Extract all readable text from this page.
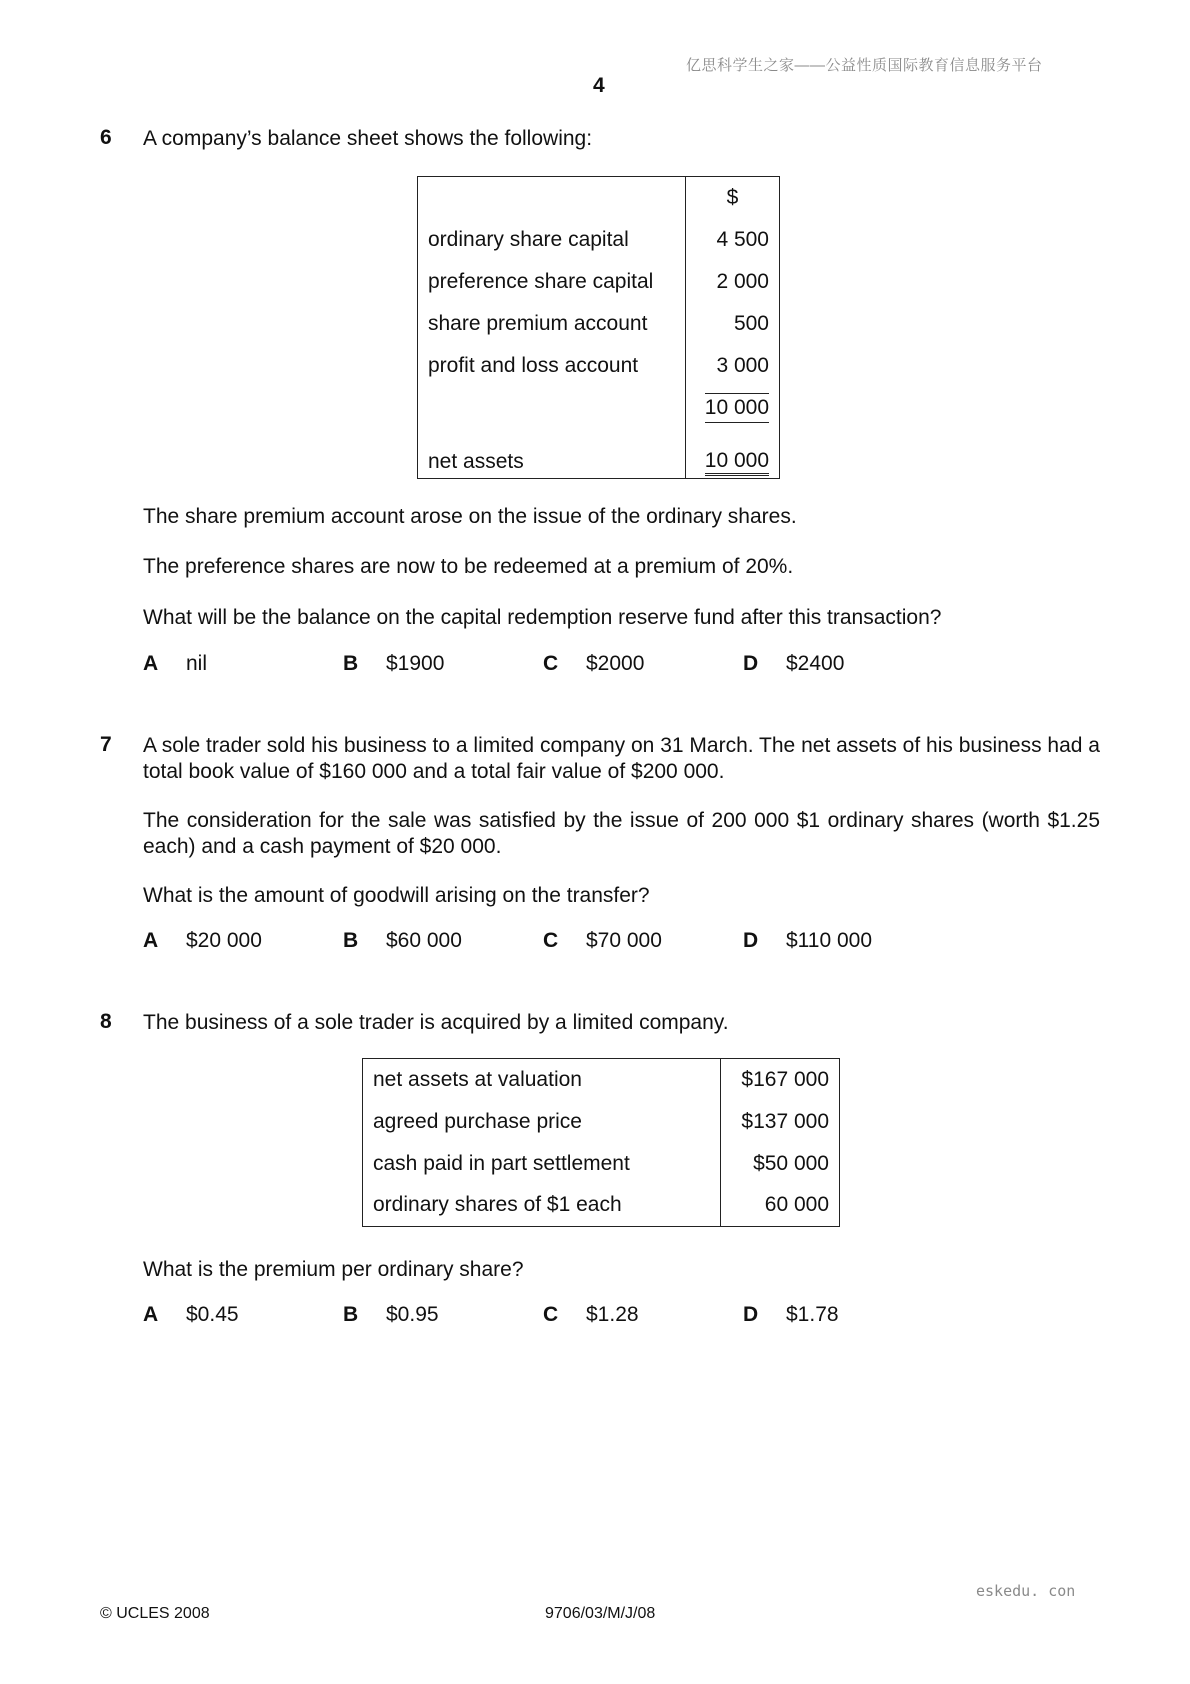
亿思科学生之家——公益性质国际教育信息服务平台
4
6 A company’s balance sheet shows the following:
	$
ordinary share capital	4 500
preference share capital	2 000
share premium account	500
profit and loss account	3 000
	10 000
net assets	10 000
The share premium account arose on the issue of the ordinary shares.
The preference shares are now to be redeemed at a premium of 20%.
What will be the balance on the capital redemption reserve fund after this transaction?
A nil	B $1900	C $2000	D $2400
7 A sole trader sold his business to a limited company on 31 March. The net assets of his business had a total book value of $160 000 and a total fair value of $200 000.
The consideration for the sale was satisfied by the issue of 200 000 $1 ordinary shares (worth $1.25 each) and a cash payment of $20 000.
What is the amount of goodwill arising on the transfer?
A $20 000	B $60 000	C $70 000	D $110 000
8 The business of a sole trader is acquired by a limited company.
net assets at valuation	$167 000
agreed purchase price	$137 000
cash paid in part settlement	$50 000
ordinary shares of $1 each	60 000
What is the premium per ordinary share?
A $0.45	B $0.95	C $1.28	D $1.78
eskedu. con
© UCLES 2008	9706/03/M/J/08
